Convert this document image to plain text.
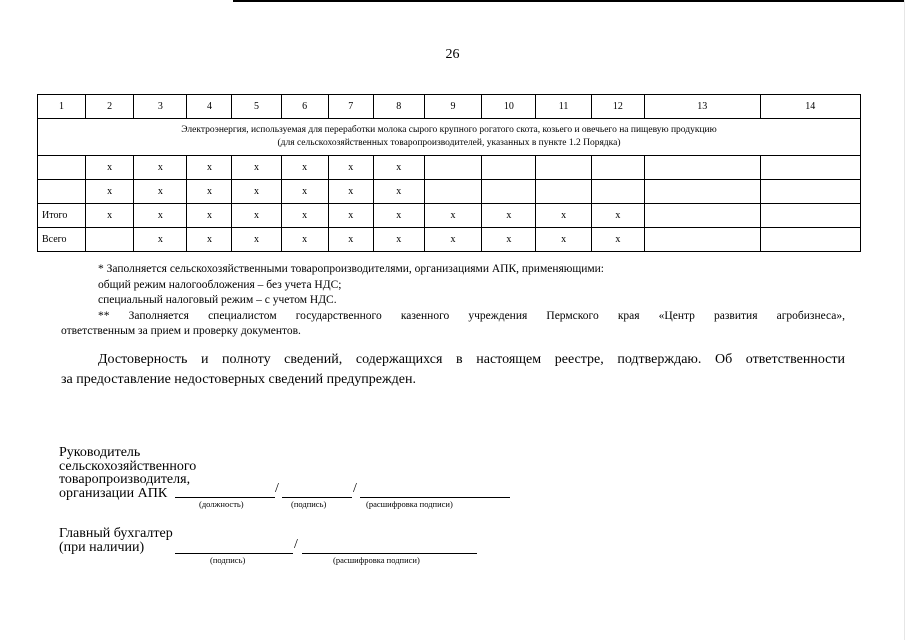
26
1	2	3	4	5	6	7	8	9	10	11	12	13	14

Электроэнергия, используемая для переработки молока сырого крупного рогатого скота, козьего и овечьего на пищевую продукцию
(для сельскохозяйственных товаропроизводителей, указанных в пункте 1.2 Порядка)													

	х	х	х	х	х	х	х						
	х	х	х	х	х	х	х						
Итого	х	х	х	х	х	х	х	х	х	х	х		
Всего		х	х	х	х	х	х	х	х	х	х		
* Заполняется сельскохозяйственными товаропроизводителями, организациями АПК, применяющими:
общий режим налогообложения – без учета НДС;
специальный налоговый режим – с учетом НДС.
** Заполняется специалистом государственного казенного учреждения Пермского края «Центр развития агробизнеса»,
ответственным за прием и проверку документов.
Достоверность и полноту сведений, содержащихся в настоящем реестре, подтверждаю. Об ответственности
за предоставление недостоверных сведений предупрежден.
Руководитель
сельскохозяйственного
товаропроизводителя,
организации АПК	/	/
(должность)	(подпись)	(расшифровка подписи)
Главный бухгалтер
(при наличии)	/
(подпись)	(расшифровка подписи)
